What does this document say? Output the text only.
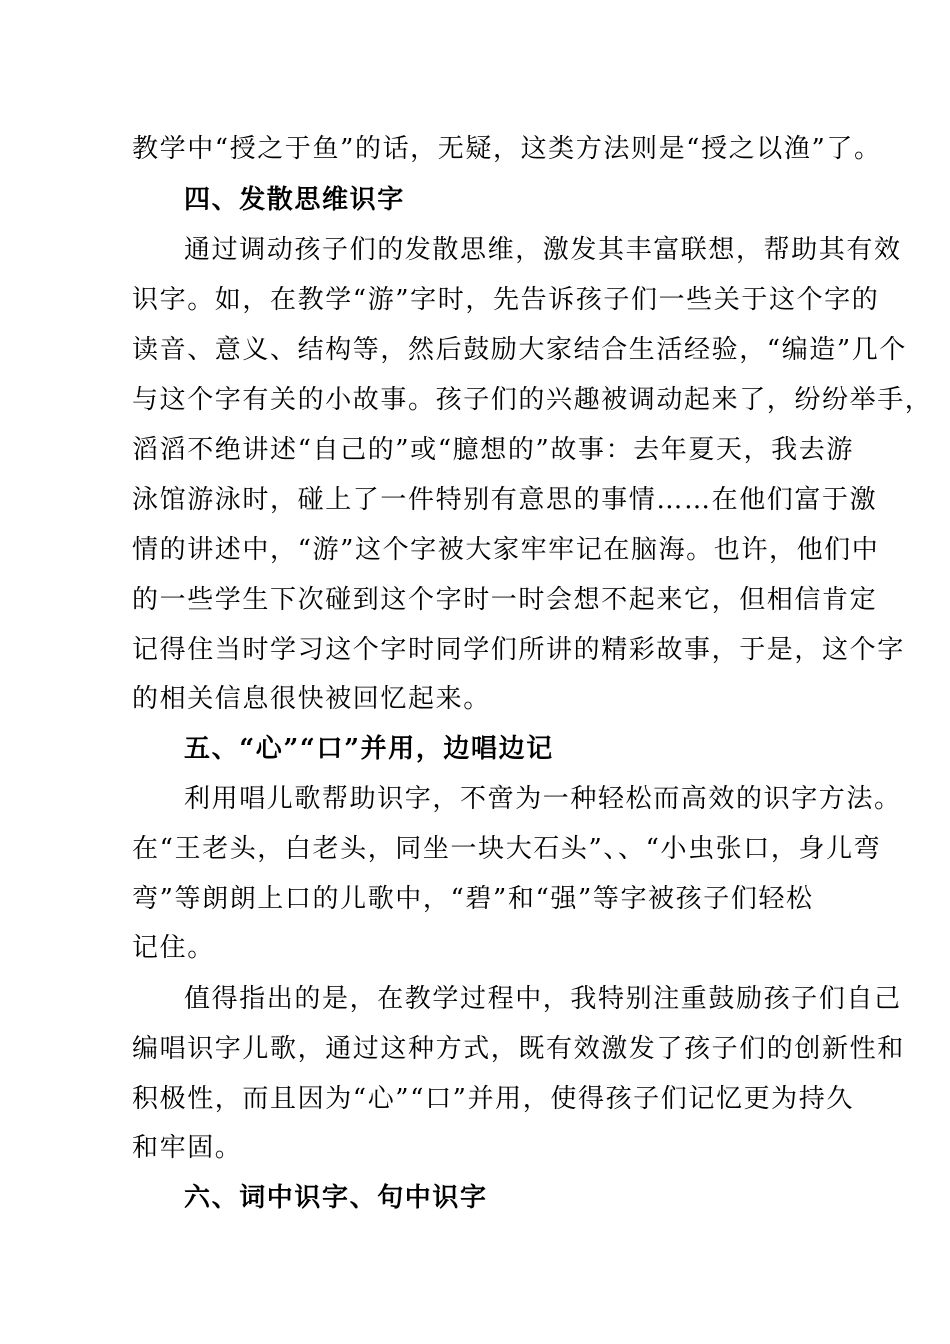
教学中“授之于鱼”的话，无疑，这类方法则是“授之以渔”了。
四、发散思维识字
通过调动孩子们的发散思维，激发其丰富联想，帮助其有效
识字。如，在教学“游”字时，先告诉孩子们一些关于这个字的
读音、意义、结构等，然后鼓励大家结合生活经验，“编造”几个
与这个字有关的小故事。孩子们的兴趣被调动起来了，纷纷举手，
滔滔不绝讲述“自己的”或“臆想的”故事：去年夏天，我去游
泳馆游泳时，碰上了一件特别有意思的事情……在他们富于激
情的讲述中，“游”这个字被大家牢牢记在脑海。也许，他们中
的一些学生下次碰到这个字时一时会想不起来它，但相信肯定
记得住当时学习这个字时同学们所讲的精彩故事，于是，这个字
的相关信息很快被回忆起来。
五、“心”“口”并用，边唱边记
利用唱儿歌帮助识字，不啻为一种轻松而高效的识字方法。
在“王老头，白老头，同坐一块大石头”、、“小虫张口，身儿弯
弯”等朗朗上口的儿歌中，“碧”和“强”等字被孩子们轻松
记住。
值得指出的是，在教学过程中，我特别注重鼓励孩子们自己
编唱识字儿歌，通过这种方式，既有效激发了孩子们的创新性和
积极性，而且因为“心”“口”并用，使得孩子们记忆更为持久
和牢固。
六、词中识字、句中识字
